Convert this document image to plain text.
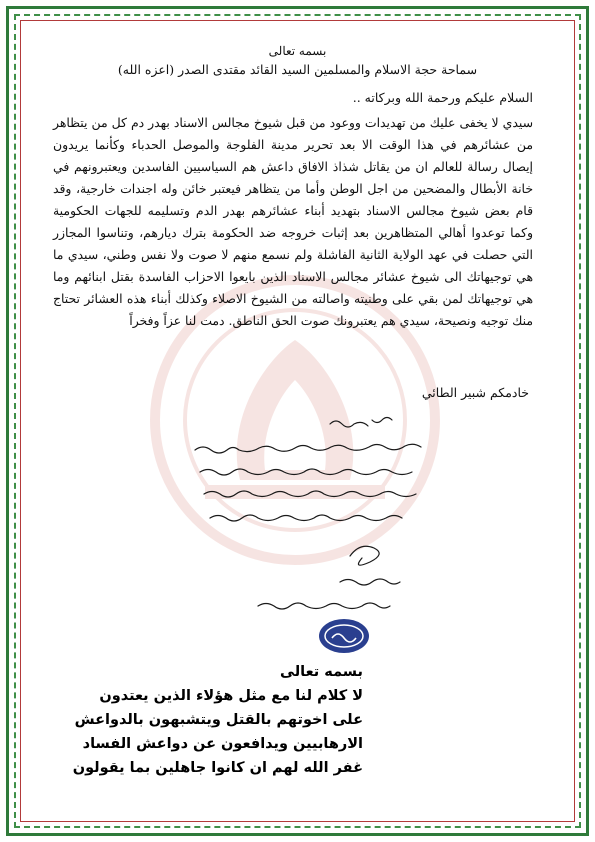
بسمه تعالى
سماحة حجة الاسلام والمسلمين السيد القائد مقتدى الصدر (اعزه الله)
السلام عليكم ورحمة الله وبركاته ..
سيدي لا يخفى عليك من تهديدات ووعود من قبل شيوخ مجالس الاسناد بهدر دم كل من يتظاهر من عشائرهم في هذا الوقت الا بعد تحرير مدينة الفلوجة والموصل الحدباء وكأنما يريدون إيصال رسالة للعالم ان من يقاتل شذاذ الافاق داعش هم السياسيين الفاسدين ويعتبرونهم في خانة الأبطال والمضحين من اجل الوطن وأما من يتظاهر فيعتبر خائن وله اجندات خارجية، وقد قام بعض شيوخ مجالس الاسناد بتهديد أبناء عشائرهم بهدر الدم وتسليمه للجهات الحكومية وكما توعدوا أهالي المتظاهرين بعد إثبات خروجه ضد الحكومة بترك ديارهم، وتناسوا المجازر التي حصلت في عهد الولاية الثانية الفاشلة ولم نسمع منهم لا صوت ولا نفس وطني، سيدي ما هي توجيهاتك الى شيوخ عشائر مجالس الاسناد الذين بايعوا الاحزاب الفاسدة بقتل ابنائهم وما هي توجيهاتك لمن بقي على وطنيته واصالته من الشيوخ الاصلاء وكذلك أبناء هذه العشائر تحتاج منك توجيه ونصيحة، سيدي هم يعتبرونك صوت الحق الناطق. دمت لنا عزاً وفخراً
خادمكم شبير الطائي
بسمه تعالى
لا كلام لنا مع مثل هؤلاء الذين يعتدون
على اخوتهم بالقتل ويتشبهون بالدواعش
الارهابيين ويدافعون عن دواعش الفساد
غفر الله لهم ان كانوا جاهلين بما يقولون
